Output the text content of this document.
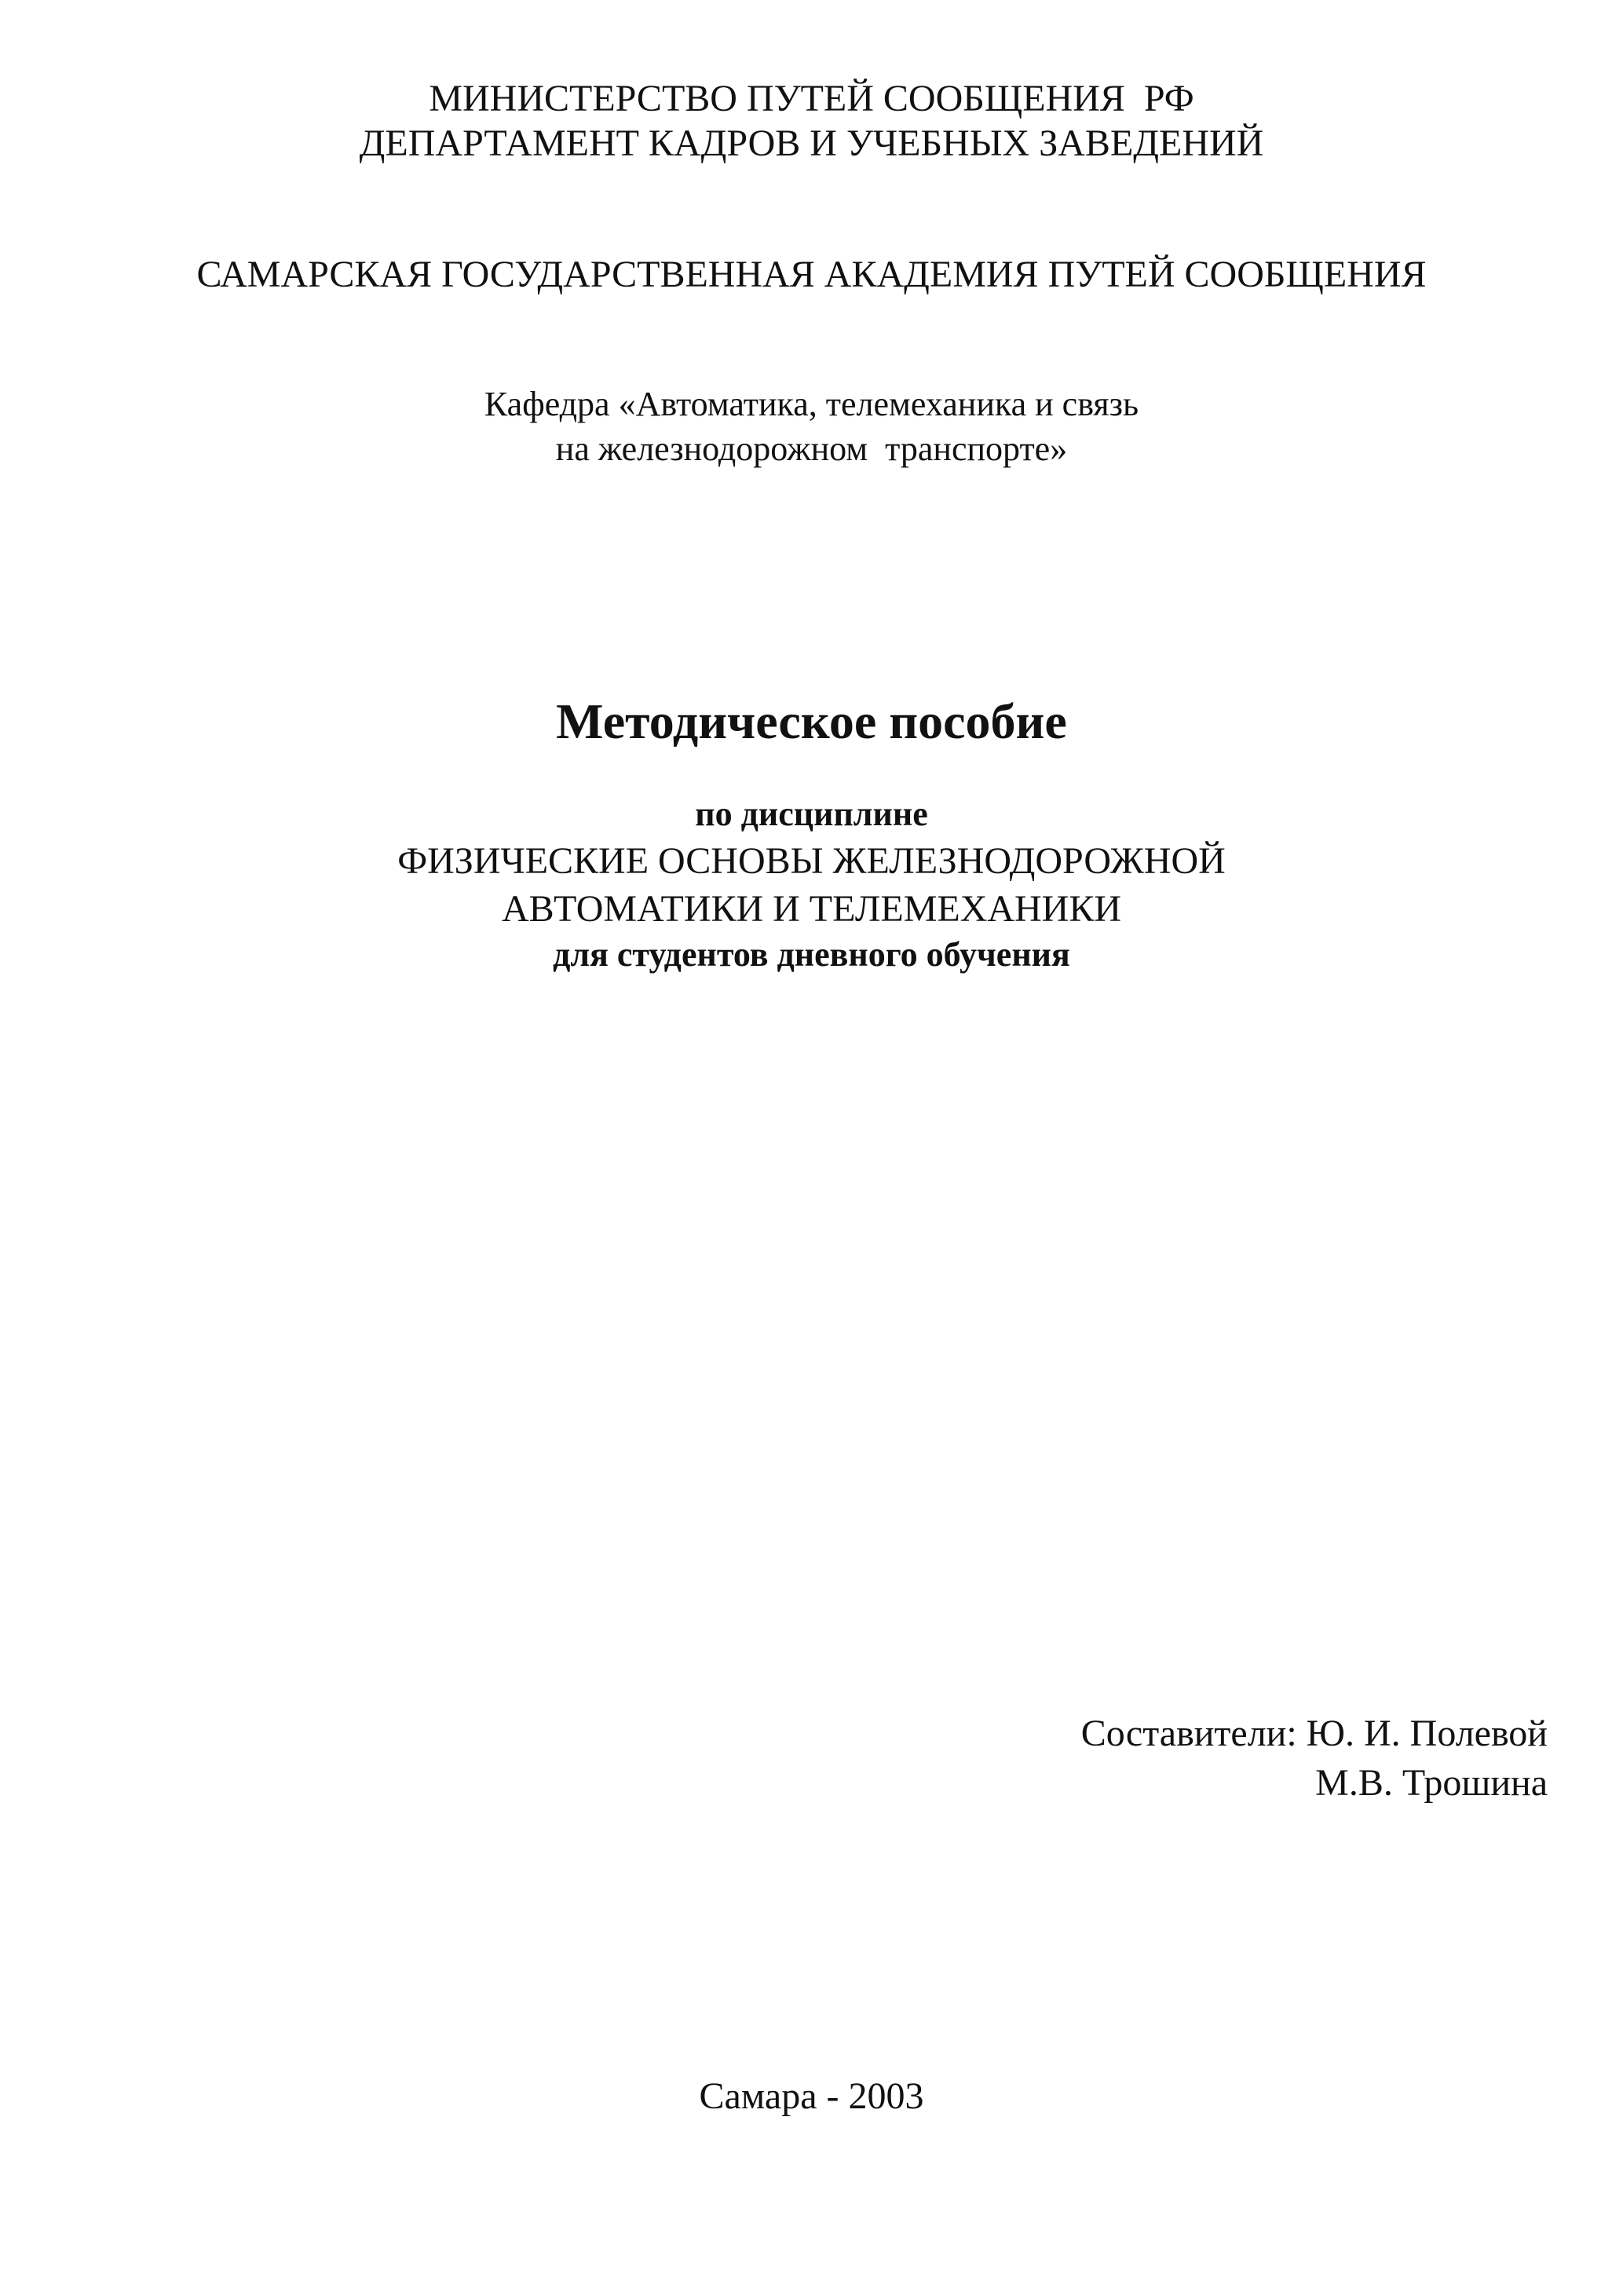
МИНИСТЕРСТВО ПУТЕЙ СООБЩЕНИЯ  РФ
ДЕПАРТАМЕНТ КАДРОВ И УЧЕБНЫХ ЗАВЕДЕНИЙ
САМАРСКАЯ ГОСУДАРСТВЕННАЯ АКАДЕМИЯ ПУТЕЙ СООБЩЕНИЯ
Кафедра «Автоматика, телемеханика и связь
на железнодорожном  транспорте»
Методическое пособие
по дисциплине
ФИЗИЧЕСКИЕ ОСНОВЫ ЖЕЛЕЗНОДОРОЖНОЙ
АВТОМАТИКИ И ТЕЛЕМЕХАНИКИ
для студентов дневного обучения
Составители: Ю. И. Полевой
М.В. Трошина
Самара - 2003
